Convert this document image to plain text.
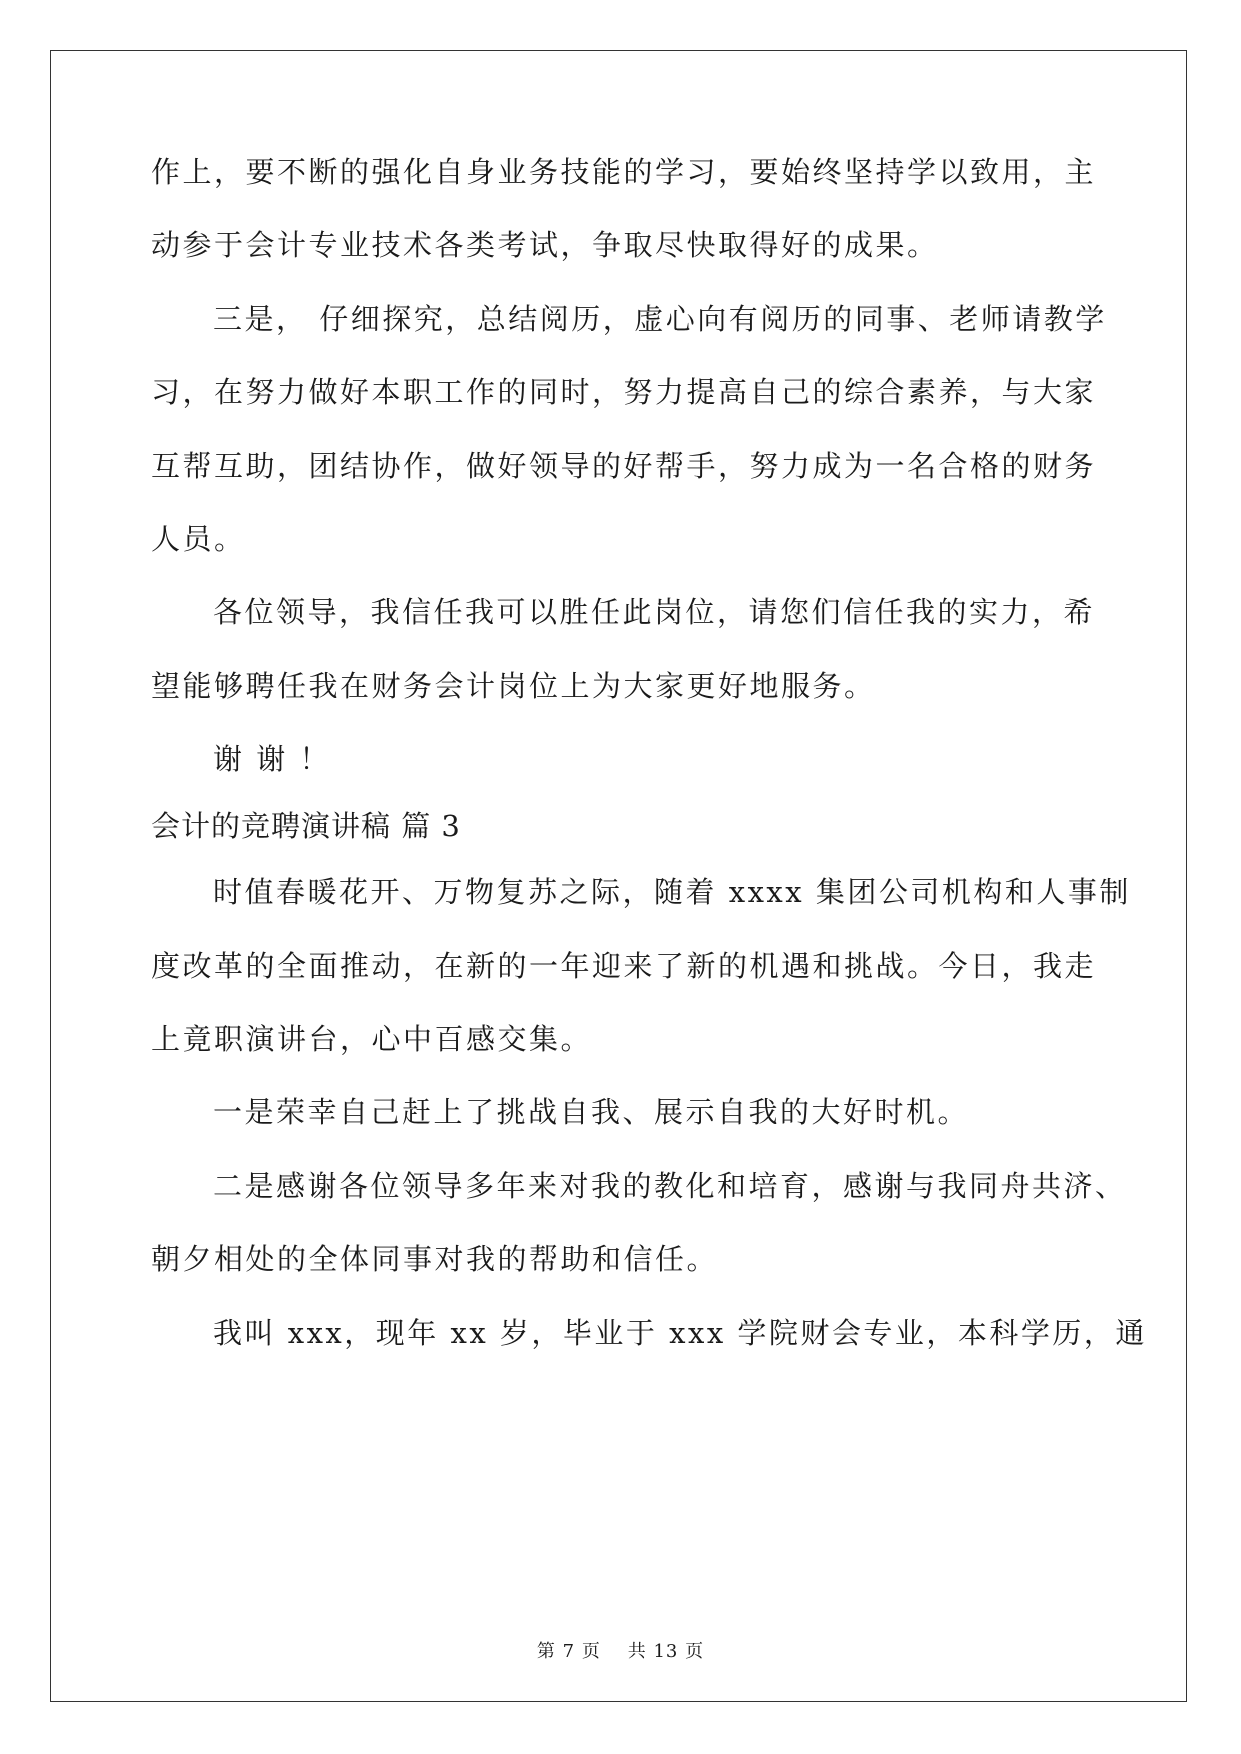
作上，要不断的强化自身业务技能的学习，要始终坚持学以致用，主
动参于会计专业技术各类考试，争取尽快取得好的成果。
三是， 仔细探究，总结阅历，虚心向有阅历的同事、老师请教学
习，在努力做好本职工作的同时，努力提高自己的综合素养，与大家
互帮互助，团结协作，做好领导的好帮手，努力成为一名合格的财务
人员。
各位领导，我信任我可以胜任此岗位，请您们信任我的实力，希
望能够聘任我在财务会计岗位上为大家更好地服务。
谢 谢 ！
会计的竞聘演讲稿 篇 3
时值春暖花开、万物复苏之际，随着 xxxx 集团公司机构和人事制
度改革的全面推动，在新的一年迎来了新的机遇和挑战。今日，我走
上竟职演讲台，心中百感交集。
一是荣幸自己赶上了挑战自我、展示自我的大好时机。
二是感谢各位领导多年来对我的教化和培育，感谢与我同舟共济、
朝夕相处的全体同事对我的帮助和信任。
我叫 xxx，现年 xx 岁，毕业于 xxx 学院财会专业，本科学历，通
第 7 页 共 13 页
